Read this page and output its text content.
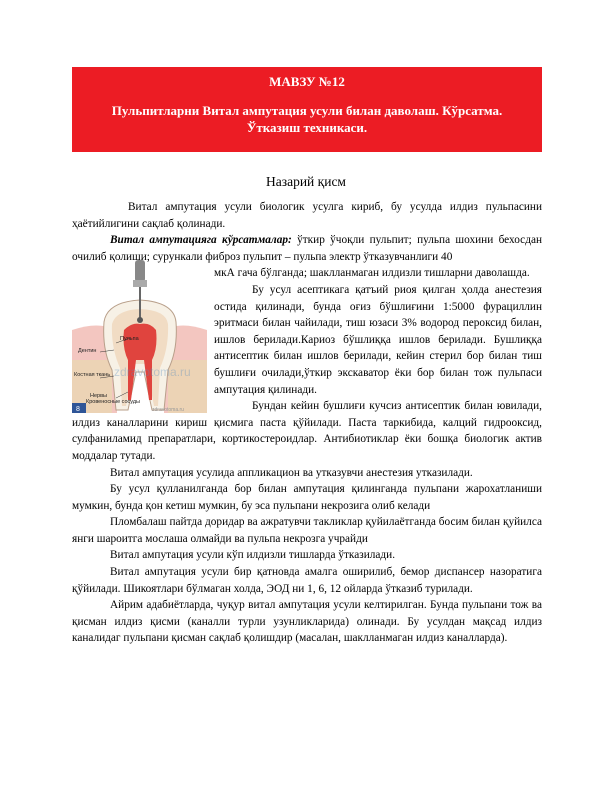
МАВЗУ №12
Пульпитларни Витал ампутация усули билан даволаш. Кўрсатма. Ўтказиш техникаси.
Назарий қисм
Пульпа
Дентин
Костная ткань
Нервы
Кровеносные сосуды
zdravotoma.ru
8	zdravotoma.ru

Витал ампутация усули биологик усулга кириб, бу усулда илдиз пульпасини ҳаётийлигини сақлаб қолинади.

Витал ампутацияга кўрсатмалар: ўткир ўчоқли пульпит; пульпа шохини бехосдан очилиб қолиши; сурункали фиброз пульпит – пульпа электр ўтказувчанлиги 40

мкА гача бўлганда; шаклланмаган илдизли тишларни даволашда.

Бу усул асептикага қатъий риоя қилган ҳолда анестезия остида қилинади, бунда оғиз бўшлиғини 1:5000 фурациллин эритмаси билан чайилади, тиш юзаси 3% водород пероксид билан, ишлов берилади.Кариоз бўшлиққа ишлов берилади. Бушлиққа антисептик билан ишлов берилади, кейин стерил бор билан тиш бушлиғи очилади,ўткир экскаватор ёки бор билан тож пульпаси ампутация қилинади.

Бундан кейин бушлиғи кучсиз антисептик билан ювилади, илдиз каналларини кириш қисмига паста қўйилади. Паста таркибида, калций гидрооксид, сулфаниламид препаратлари, кортикостероидлар. Антибиотиклар ёки бошқа биологик актив моддалар тутади.

Витал ампутация усулида аппликацион ва утказувчи анестезия утказилади.

Бу усул қулланилганда бор билан ампутация қилинганда пульпани жарохатланиши мумкин, бунда қон кетиш мумкин, бу эса пульпани некрозига олиб келади

Пломбалаш пайтда доридар ва ажратувчи такликлар қуйилаётганда босим билан қуйилса янги шароитга мослаша олмайди ва пульпа некрозга учрайди

Витал ампутация усули кўп илдизли тишларда ўтказилади.

Витал ампутация усули бир қатновда амалга оширилиб, бемор диспансер назоратига қўйилади. Шикоятлари бўлмаган холда, ЭОД ни 1, 6, 12 ойларда ўтказиб турилади.

Айрим адабиётларда, чуқур витал ампутация усули келтирилган. Бунда пульпани тож ва қисман илдиз қисми (каналли турли узунликларида) олинади. Бу усулдан мақсад илдиз каналидаг пульпани қисман сақлаб қолишдир (масалан, шаклланмаган илдиз каналларда).
